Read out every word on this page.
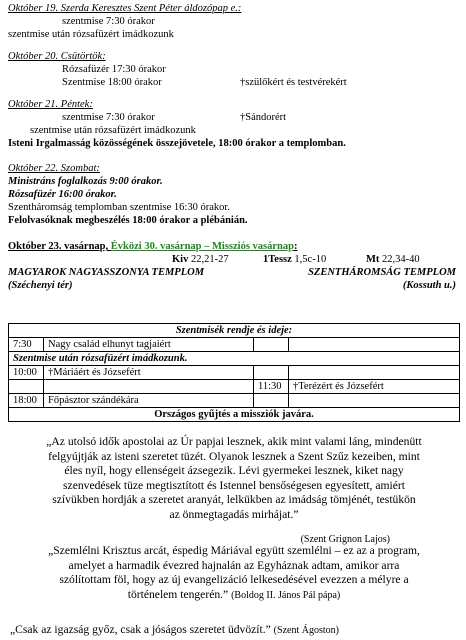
Október 19. Szerda Keresztes Szent Péter áldozópap e.:
szentmise 7:30 órakor
szentmise után rózsafüzért imádkozunk
Október 20. Csütörtök:
Rózsafüzér 17:30 órakor
Szentmise 18:00 órakor	†szülőkért és testvérekért
Október 21. Péntek:
szentmise 7:30 órakor	†Sándorért
szentmise után rózsafüzért imádkozunk
Isteni Irgalmasság közösségének összejövetele, 18:00 órakor a templomban.
Október 22. Szombat:
Ministráns foglalkozás 9:00 órakor.
Rózsafüzér 16:00 órakor.
Szentháromság templomban szentmise 16:30 órakor.
Felolvasóknak megbeszélés 18:00 órakor a plébánián.
Október 23. vasárnap, Évközi 30. vasárnap – Missziós vasárnap:
Kiv 22,21-27	1Tessz 1,5c-10	Mt 22,34-40
MAGYAROK NAGYASSZONYA TEMPLOM
(Széchenyi tér)
SZENTHÁROMSÁG TEMPLOM
(Kossuth u.)
Szentmisék rendje és ideje:			
7:30	Nagy család elhunyt tagjaiért		
Szentmise után rózsafüzért imádkozunk.			
10:00	†Máriáért és Józsefért		
		11:30	†Terézért és Józsefért
18:00	Főpásztor szándékára		
Országos gyűjtés a missziók javára.			
„Az utolsó idők apostolai az Úr papjai lesznek, akik mint valami láng, mindenütt
felgyújtják az isteni szeretet tüzét. Olyanok lesznek a Szent Szűz kezeiben, mint
éles nyíl, hogy ellenségeit ázsegezik. Lévi gyermekei lesznek, kiket nagy
szenvedések tüze megtisztított és Istennel bensőségesen egyesített, amiért
szívükben hordják a szeretet aranyát, lelkükben az imádság tömjénét, testükön
az önmegtagadás mirhájat.”
(Szent Grignon Lajos)
„Szemlélni Krisztus arcát, éspedig Máriával együtt szemlélni – ez az a program,
amelyet a harmadik évezred hajnalán az Egyháznak adtam, amikor arra
szólítottam föl, hogy az új evangelizáció lelkesedésével evezzen a mélyre a
történelem tengerén.” (Boldog II. János Pál pápa)
„Csak az igazság győz, csak a jóságos szeretet üdvözít.” (Szent Ágoston)
